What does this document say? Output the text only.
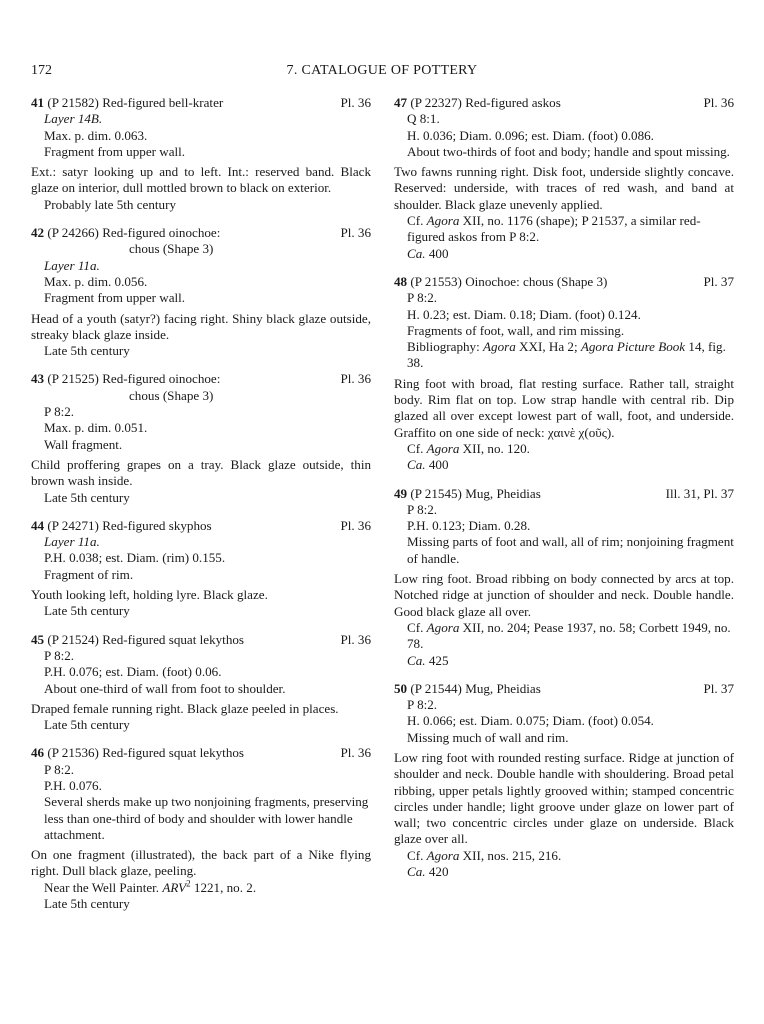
172	7. CATALOGUE OF POTTERY
41 (P 21582) Red-figured bell-krater	Pl. 36
Layer 14B.
Max. p. dim. 0.063.
Fragment from upper wall.
Ext.: satyr looking up and to left. Int.: reserved band. Black glaze on interior, dull mottled brown to black on exterior.
Probably late 5th century
42 (P 24266) Red-figured oinochoe:	Pl. 36
chous (Shape 3)
Layer 11a.
Max. p. dim. 0.056.
Fragment from upper wall.
Head of a youth (satyr?) facing right. Shiny black glaze outside, streaky black glaze inside.
Late 5th century
43 (P 21525) Red-figured oinochoe:	Pl. 36
chous (Shape 3)
P 8:2.
Max. p. dim. 0.051.
Wall fragment.
Child proffering grapes on a tray. Black glaze outside, thin brown wash inside.
Late 5th century
44 (P 24271) Red-figured skyphos	Pl. 36
Layer 11a.
P.H. 0.038; est. Diam. (rim) 0.155.
Fragment of rim.
Youth looking left, holding lyre. Black glaze.
Late 5th century
45 (P 21524) Red-figured squat lekythos	Pl. 36
P 8:2.
P.H. 0.076; est. Diam. (foot) 0.06.
About one-third of wall from foot to shoulder.
Draped female running right. Black glaze peeled in places.
Late 5th century
46 (P 21536) Red-figured squat lekythos	Pl. 36
P 8:2.
P.H. 0.076.
Several sherds make up two nonjoining fragments, preserving less than one-third of body and shoulder with lower handle attachment.
On one fragment (illustrated), the back part of a Nike flying right. Dull black glaze, peeling.
Near the Well Painter. ARV$^2$ 1221, no. 2.
Late 5th century
47 (P 22327) Red-figured askos	Pl. 36
Q 8:1.
H. 0.036; Diam. 0.096; est. Diam. (foot) 0.086.
About two-thirds of foot and body; handle and spout missing.
Two fawns running right. Disk foot, underside slightly concave. Reserved: underside, with traces of red wash, and band at shoulder. Black glaze unevenly applied.
Cf. Agora XII, no. 1176 (shape); P 21537, a similar red-figured askos from P 8:2.
Ca. 400
48 (P 21553) Oinochoe: chous (Shape 3)	Pl. 37
P 8:2.
H. 0.23; est. Diam. 0.18; Diam. (foot) 0.124.
Fragments of foot, wall, and rim missing.
Bibliography: Agora XXI, Ha 2; Agora Picture Book 14, fig. 38.
Ring foot with broad, flat resting surface. Rather tall, straight body. Rim flat on top. Low strap handle with central rib. Dip glazed all over except lowest part of wall, foot, and underside. Graffito on one side of neck: χαινὲ χ(οῦς).
Cf. Agora XII, no. 120.
Ca. 400
49 (P 21545) Mug, Pheidias	Ill. 31, Pl. 37
P 8:2.
P.H. 0.123; Diam. 0.28.
Missing parts of foot and wall, all of rim; nonjoining fragment of handle.
Low ring foot. Broad ribbing on body connected by arcs at top. Notched ridge at junction of shoulder and neck. Double handle. Good black glaze all over.
Cf. Agora XII, no. 204; Pease 1937, no. 58; Corbett 1949, no. 78.
Ca. 425
50 (P 21544) Mug, Pheidias	Pl. 37
P 8:2.
H. 0.066; est. Diam. 0.075; Diam. (foot) 0.054.
Missing much of wall and rim.
Low ring foot with rounded resting surface. Ridge at junction of shoulder and neck. Double handle with shouldering. Broad petal ribbing, upper petals lightly grooved within; stamped concentric circles under handle; light groove under glaze on lower part of wall; two concentric circles under glaze on underside. Black glaze over all.
Cf. Agora XII, nos. 215, 216.
Ca. 420
